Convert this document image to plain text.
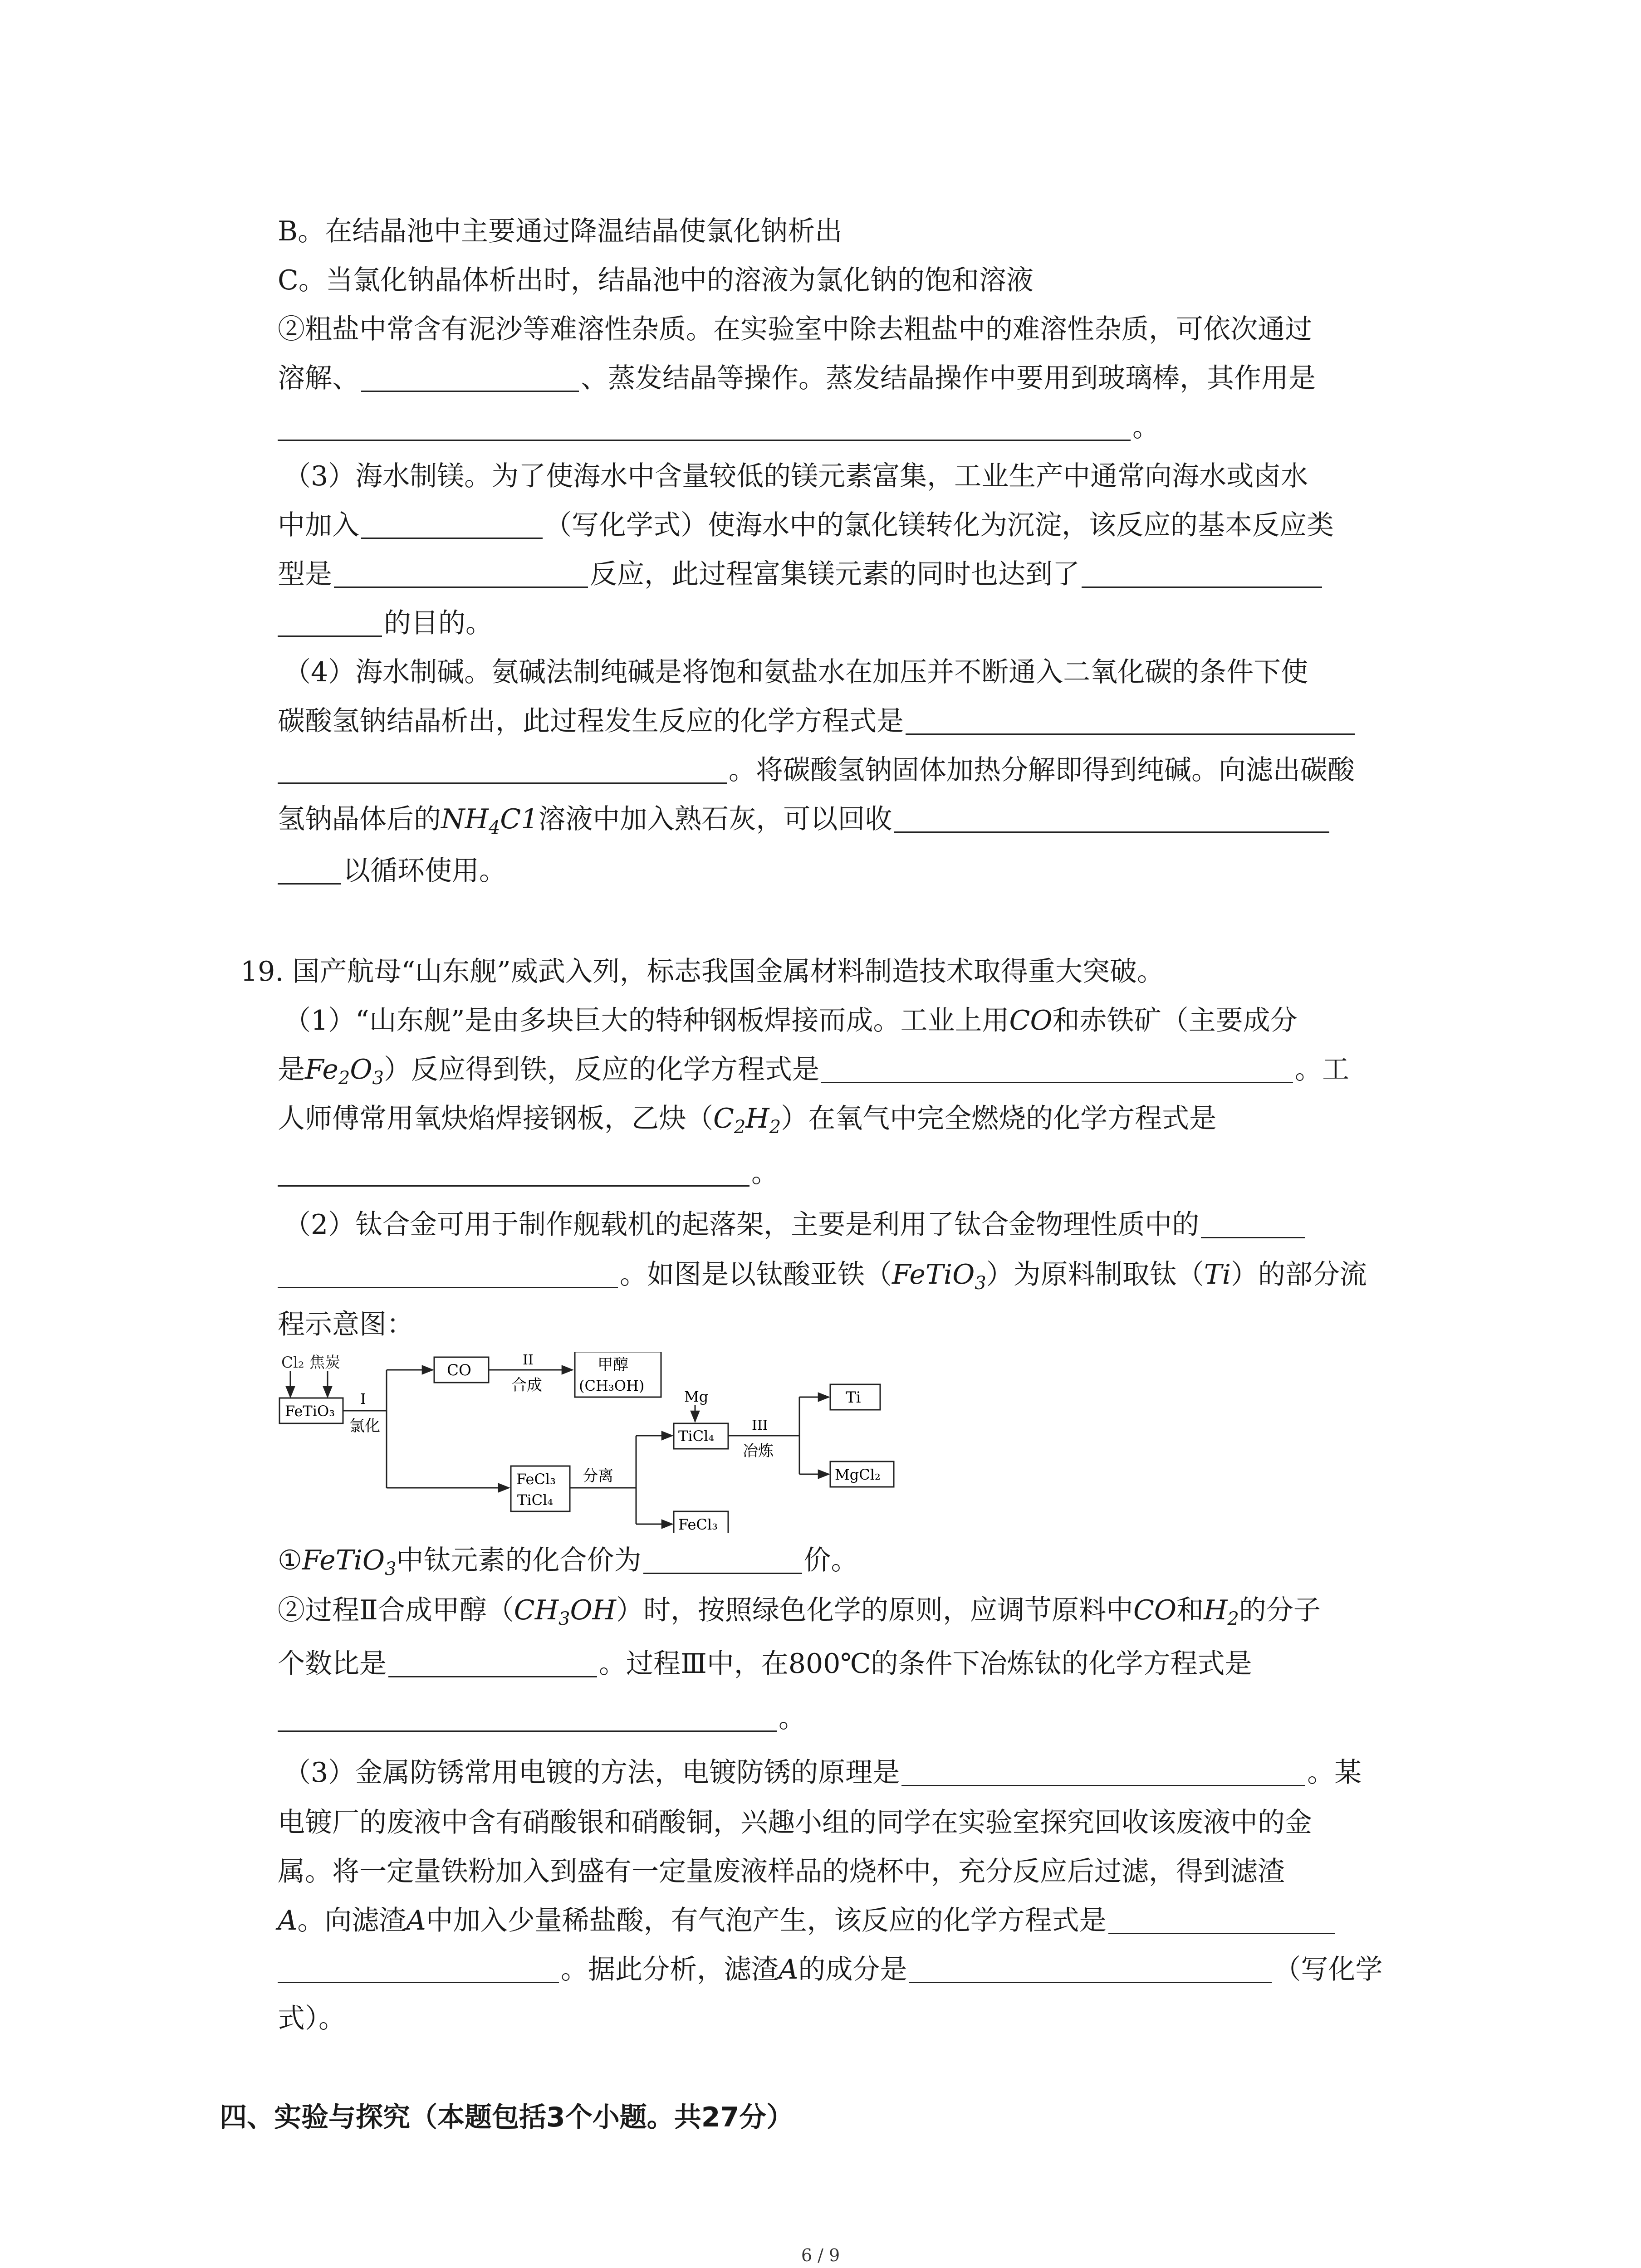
B。在结晶池中主要通过降温结晶使氯化钠析出
C。当氯化钠晶体析出时，结晶池中的溶液为氯化钠的饱和溶液
②粗盐中常含有泥沙等难溶性杂质。在实验室中除去粗盐中的难溶性杂质，可依次通过
溶解、	、蒸发结晶等操作。蒸发结晶操作中要用到玻璃棒，其作用是
。
（3）海水制镁。为了使海水中含量较低的镁元素富集，工业生产中通常向海水或卤水
中加入	（写化学式）使海水中的氯化镁转化为沉淀，该反应的基本反应类
型是	反应，此过程富集镁元素的同时也达到了
的目的。
（4）海水制碱。氨碱法制纯碱是将饱和氨盐水在加压并不断通入二氧化碳的条件下使
碳酸氢钠结晶析出，此过程发生反应的化学方程式是
。将碳酸氢钠固体加热分解即得到纯碱。向滤出碳酸
氢钠晶体后的$NH_4C1$溶液中加入熟石灰，可以回收
以循环使用。
19. 国产航母“山东舰”威武入列，标志我国金属材料制造技术取得重大突破。
（1）“山东舰”是由多块巨大的特种钢板焊接而成。工业上用CO和赤铁矿（主要成分
是$Fe_2O_3$）反应得到铁，反应的化学方程式是	。工
人师傅常用氧炔焰焊接钢板，乙炔$(C_2H_2)$在氧气中完全燃烧的化学方程式是
。
（2）钛合金可用于制作舰载机的起落架，主要是利用了钛合金物理性质中的
。如图是以钛酸亚铁（FeTiO$_3$）为原料制取钛（Ti）的部分流
程示意图：
Cl₂ 焦炭
FeTiO₃
I
氯化
CO
II
合成
甲醇
(CH₃OH)
FeCl₃
TiCl₄
分离
Mg
TiCl₄
FeCl₃
III
冶炼
Ti
MgCl₂
①FeTiO$_3$中钛元素的化合价为	价。
②过程Ⅱ合成甲醇$(CH_3OH)$时，按照绿色化学的原则，应调节原料中CO和$H_2$的分子
个数比是	。过程Ⅲ中，在800℃的条件下冶炼钛的化学方程式是
。
（3）金属防锈常用电镀的方法，电镀防锈的原理是	。某
电镀厂的废液中含有硝酸银和硝酸铜，兴趣小组的同学在实验室探究回收该废液中的金
属。将一定量铁粉加入到盛有一定量废液样品的烧杯中，充分反应后过滤，得到滤渣
A。向滤渣A中加入少量稀盐酸，有气泡产生，该反应的化学方程式是
。据此分析，滤渣A的成分是	（写化学
式）。
四、实验与探究（本题包括3个小题。共27分）
6 / 9
